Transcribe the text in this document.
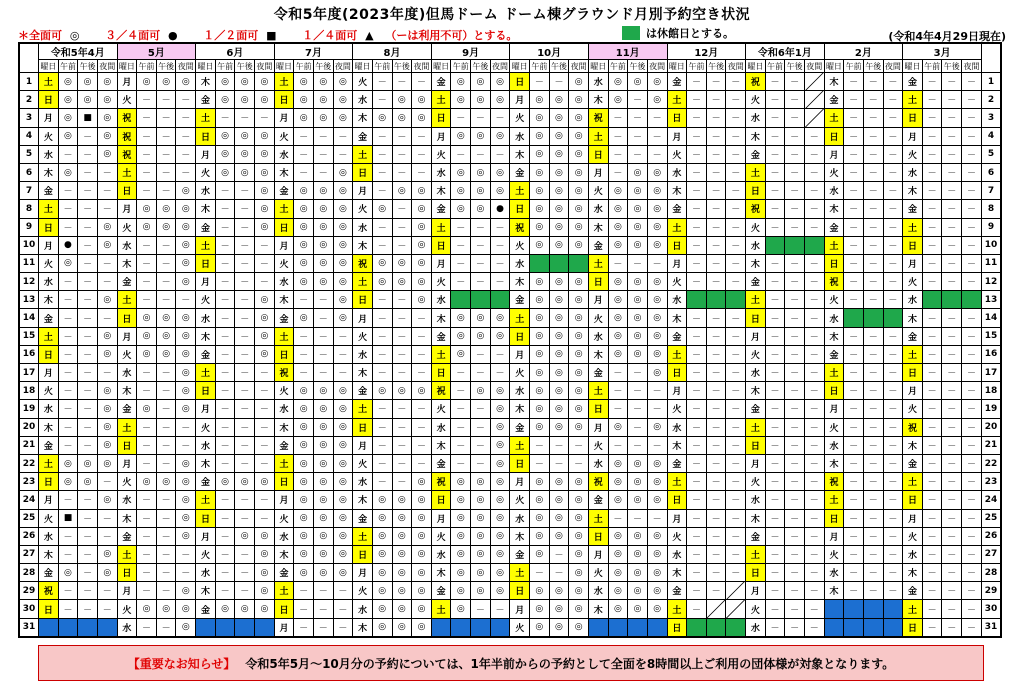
令和5年度(2023年度)但馬ドーム ドーム棟グラウンド月別予約空き状況
＊全面可 ◎ ３／４面可 ● １／２面可 ■ １／４面可 ▲ （ーは利用不可）とする。	は休館日とする。	(令和4年4月29日現在)
	令和5年4月				5月				6月				7月				8月				9月				10月				11月				12月				令和6年1月				2月				3月				
	曜日	午前	午後	夜間	曜日	午前	午後	夜間	曜日	午前	午後	夜間	曜日	午前	午後	夜間	曜日	午前	午後	夜間	曜日	午前	午後	夜間	曜日	午前	午後	夜間	曜日	午前	午後	夜間	曜日	午前	午後	夜間	曜日	午前	午後	夜間	曜日	午前	午後	夜間	曜日	午前	午後	夜間	
1	土	◎	◎	◎	月	◎	◎	◎	木	◎	◎	◎	土	◎	◎	◎	火	－	－	－	金	◎	◎	◎	日	－	－	◎	水	◎	◎	◎	金	－	－	－	祝	－	－		木	－	－	－	金	－	－	－	1
2	日	◎	◎	◎	火	－	－	－	金	◎	◎	◎	日	◎	◎	◎	水	－	◎	◎	土	◎	◎	◎	月	◎	◎	◎	木	◎	－	◎	土	－	－	－	火	－	－		金	－	－	－	土	－	－	－	2
3	月	◎	■	◎	祝	－	－	－	土	－	－	－	月	◎	◎	◎	木	◎	◎	◎	日	－	－	－	火	◎	◎	◎	祝	－	－	－	日	－	－	－	水	－	－		土	－	－	－	日	－	－	－	3
4	火	◎	－	◎	祝	－	－	－	日	◎	◎	◎	火	－	－	－	金	－	－	－	月	◎	◎	◎	水	◎	◎	◎	土	－	－	－	月	－	－	－	木	－	－	－	日	－	－	－	月	－	－	－	4
5	水	－	－	◎	祝	－	－	－	月	◎	◎	◎	水	－	－	－	土	－	－	－	火	－	－	－	木	◎	◎	◎	日	－	－	－	火	－	－	－	金	－	－	－	月	－	－	－	火	－	－	－	5
6	木	◎	－	－	土	－	－	－	火	◎	◎	◎	木	－	－	◎	日	－	－	－	水	◎	◎	◎	金	◎	◎	◎	月	－	◎	◎	水	－	－	－	土	－	－	－	火	－	－	－	水	－	－	－	6
7	金	－	－	－	日	－	－	◎	水	－	－	◎	金	◎	◎	◎	月	－	◎	◎	木	◎	◎	◎	土	◎	◎	◎	火	◎	◎	◎	木	－	－	－	日	－	－	－	水	－	－	－	木	－	－	－	7
8	土	－	－	－	月	◎	◎	◎	木	－	－	◎	土	◎	◎	◎	火	◎	－	◎	金	◎	◎	●	日	◎	◎	◎	水	◎	◎	◎	金	－	－	－	祝	－	－	－	木	－	－	－	金	－	－	－	8
9	日	－	－	◎	火	◎	◎	◎	金	－	－	◎	日	◎	◎	◎	水	－	－	◎	土	－	－	－	祝	◎	◎	◎	木	◎	◎	◎	土	－	－	－	火	－	－	－	金	－	－	－	土	－	－	－	9
10	月	●	－	◎	水	－	－	◎	土	－	－	－	月	◎	◎	◎	木	－	－	◎	日	－	－	－	火	◎	◎	◎	金	◎	◎	◎	日	－	－	－	水				土	－	－	－	日	－	－	－	10
11	火	◎	－	－	木	－	－	◎	日	－	－	－	火	◎	◎	◎	祝	◎	◎	◎	月	－	－	－	水				土	－	－	－	月	－	－	－	木	－	－	－	日	－	－	－	月	－	－	－	11
12	水	－	－	－	金	－	－	◎	月	－	－	－	水	◎	◎	◎	土	◎	◎	◎	火	－	－	－	木	◎	◎	◎	日	◎	◎	◎	火	－	－	－	金	－	－	－	祝	－	－	－	火	－	－	－	12
13	木	－	－	◎	土	－	－	－	火	－	－	◎	木	－	－	◎	日	－	－	◎	水				金	◎	◎	◎	月	◎	◎	◎	水				土	－	－	－	火	－	－	－	水				13
14	金	－	－	－	日	◎	◎	◎	水	－	－	◎	金	◎	－	◎	月	－	－	－	木	◎	◎	◎	土	◎	◎	◎	火	◎	◎	◎	木	－	－	－	日	－	－	－	水				木	－	－	－	14
15	土	－	－	◎	月	◎	◎	◎	木	－	－	◎	土	－	－	－	火	－	－	－	金	◎	◎	◎	日	◎	◎	◎	水	◎	◎	◎	金	－	－	－	月	－	－	－	木	－	－	－	金	－	－	－	15
16	日	－	－	◎	火	◎	◎	◎	金	－	－	◎	日	－	－	－	水	－	－	－	土	◎	－	－	月	◎	◎	◎	木	◎	◎	◎	土	－	－	－	火	－	－	－	金	－	－	－	土	－	－	－	16
17	月	－	－	－	水	－	－	◎	土	－	－	－	祝	－	－	－	木	－	－	－	日	－	－	－	火	◎	◎	◎	金	－	－	◎	日	－	－	－	水	－	－	－	土	－	－	－	日	－	－	－	17
18	火	－	－	◎	木	－	－	◎	日	－	－	－	火	◎	◎	◎	金	◎	◎	◎	祝	－	◎	◎	水	◎	◎	◎	土	－	－	－	月	－	－	－	木	－	－	－	日	－	－	－	月	－	－	－	18
19	水	－	－	◎	金	◎	－	◎	月	－	－	－	水	◎	◎	◎	土	－	－	－	火	－	－	◎	木	◎	◎	◎	日	－	－	－	火	－	－	－	金	－	－	－	月	－	－	－	火	－	－	－	19
20	木	－	－	◎	土	－	－	－	火	－	－	－	木	◎	◎	◎	日	－	－	－	水	－	－	◎	金	◎	◎	◎	月	◎	－	◎	水	－	－	－	土	－	－	－	火	－	－	－	祝	－	－	－	20
21	金	－	－	◎	日	－	－	－	水	－	－	－	金	◎	◎	◎	月	－	－	－	木	－	－	◎	土	－	－	－	火	－	－	－	木	－	－	－	日	－	－	－	水	－	－	－	木	－	－	－	21
22	土	◎	◎	◎	月	－	－	◎	木	－	－	－	土	◎	◎	◎	火	－	－	－	金	－	－	◎	日	－	－	－	水	◎	◎	◎	金	－	－	－	月	－	－	－	木	－	－	－	金	－	－	－	22
23	日	◎	◎	－	火	◎	◎	◎	金	◎	◎	◎	日	◎	◎	◎	水	－	－	◎	祝	◎	◎	◎	月	◎	◎	◎	祝	◎	◎	◎	土	－	－	－	火	－	－	－	祝	－	－	－	土	－	－	－	23
24	月	－	－	◎	水	－	－	◎	土	－	－	－	月	◎	◎	◎	木	◎	◎	◎	日	◎	◎	◎	火	◎	◎	◎	金	◎	◎	◎	日	－	－	－	水	－	－	－	土	－	－	－	日	－	－	－	24
25	火	■	－	－	木	－	－	◎	日	－	－	－	火	◎	◎	◎	金	◎	◎	◎	月	◎	◎	◎	水	◎	◎	◎	土	－	－	－	月	－	－	－	木	－	－	－	日	－	－	－	月	－	－	－	25
26	水	－	－	－	金	－	－	◎	月	－	◎	◎	水	◎	◎	◎	土	◎	◎	◎	火	◎	◎	◎	木	◎	◎	◎	日	◎	◎	◎	火	－	－	－	金	－	－	－	月	－	－	－	火	－	－	－	26
27	木	－	－	◎	土	－	－	－	火	－	－	◎	木	◎	◎	◎	日	◎	◎	◎	水	◎	◎	◎	金	◎	－	◎	月	◎	◎	◎	水	－	－	－	土	－	－	－	火	－	－	－	水	－	－	－	27
28	金	◎	－	◎	日	－	－	－	水	－	－	◎	金	◎	◎	◎	月	◎	◎	◎	木	◎	◎	◎	土	－	－	◎	火	◎	◎	◎	木	－	－	－	日	－	－	－	水	－	－	－	木	－	－	－	28
29	祝	－	－	－	月	－	－	◎	木	－	－	◎	土	－	－	－	火	◎	◎	◎	金	◎	◎	◎	日	◎	◎	◎	水	◎	◎	◎	金	－	－		月	－	－	－	木	－	－	－	金	－	－	－	29
30	日	－	－	－	火	◎	◎	◎	金	◎	◎	◎	日	－	－	－	水	◎	◎	◎	土	◎	－	－	月	◎	◎	◎	木	◎	◎	◎	土	－			火	－	－	－					土	－	－	－	30
31					水	－	－	◎					月	－	－	－	木	◎	◎	◎					火	◎	◎	◎					日				水	－	－	－					日	－	－	－	31
【重要なお知らせ】 令和5年5月～10月分の予約については、1年半前からの予約として全面を8時間以上ご利用の団体様が対象となります。
